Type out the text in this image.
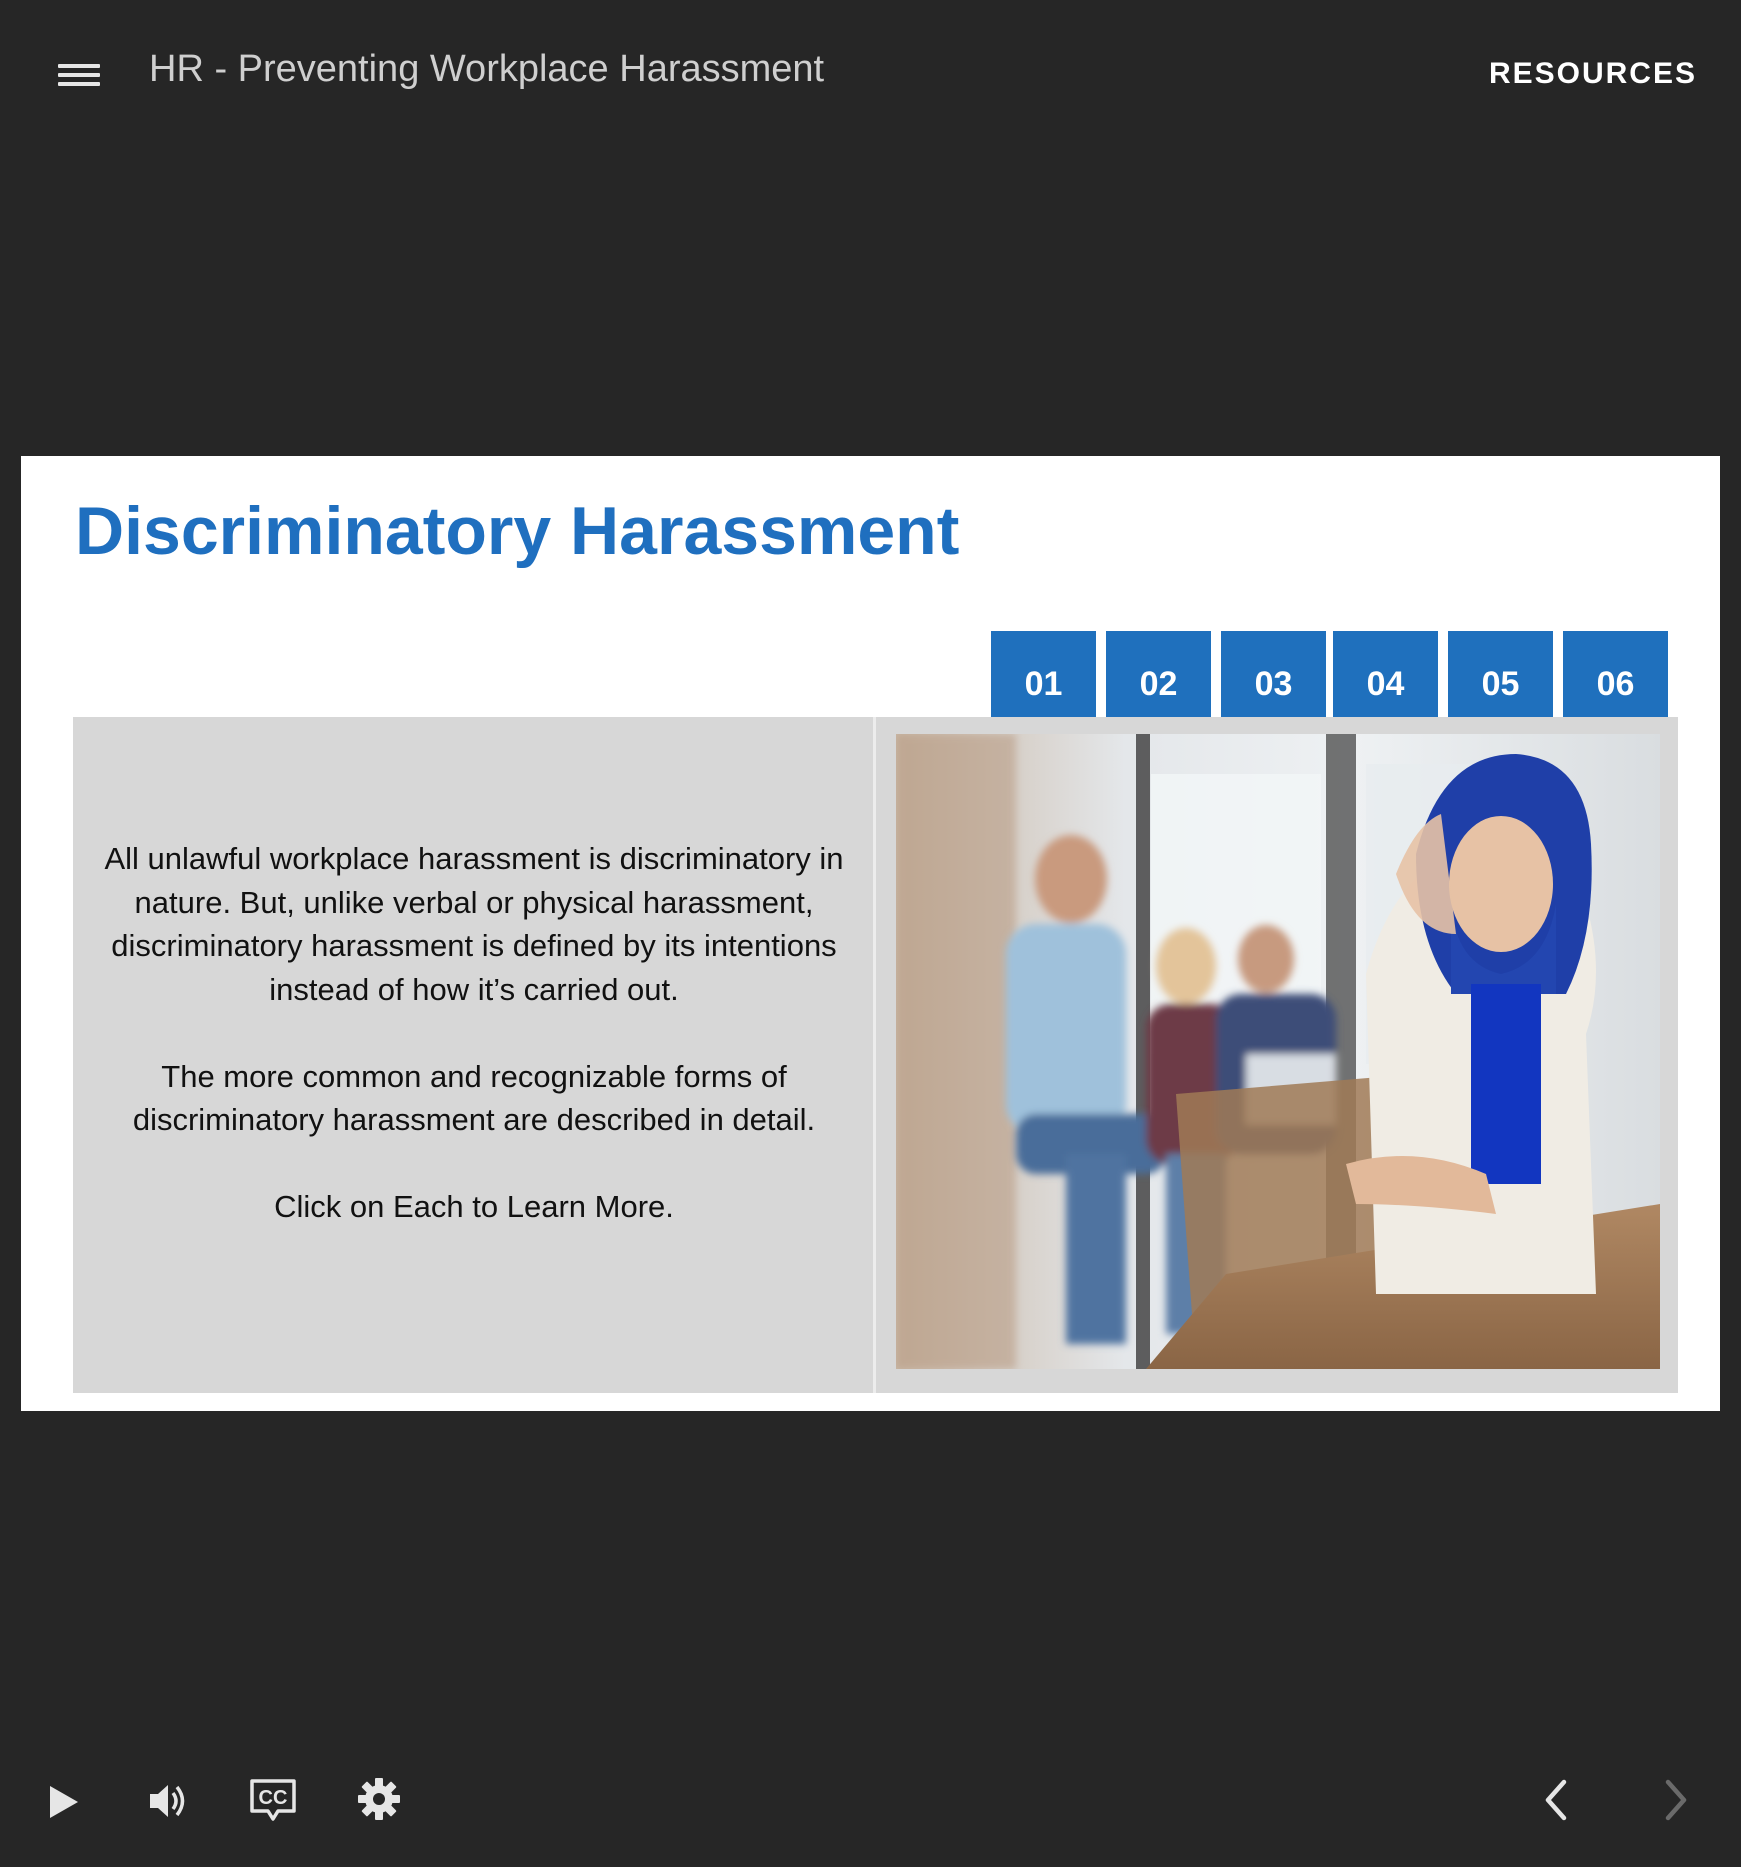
HR - Preventing Workplace Harassment	RESOURCES
Discriminatory Harassment
01	02	03	04	05	06

All unlawful workplace harassment is discriminatory in nature. But, unlike verbal or physical harassment, discriminatory harassment is defined by its intentions instead of how it’s carried out.

The more common and recognizable forms of discriminatory harassment are described in detail.

Click on Each to Learn More.

CC
